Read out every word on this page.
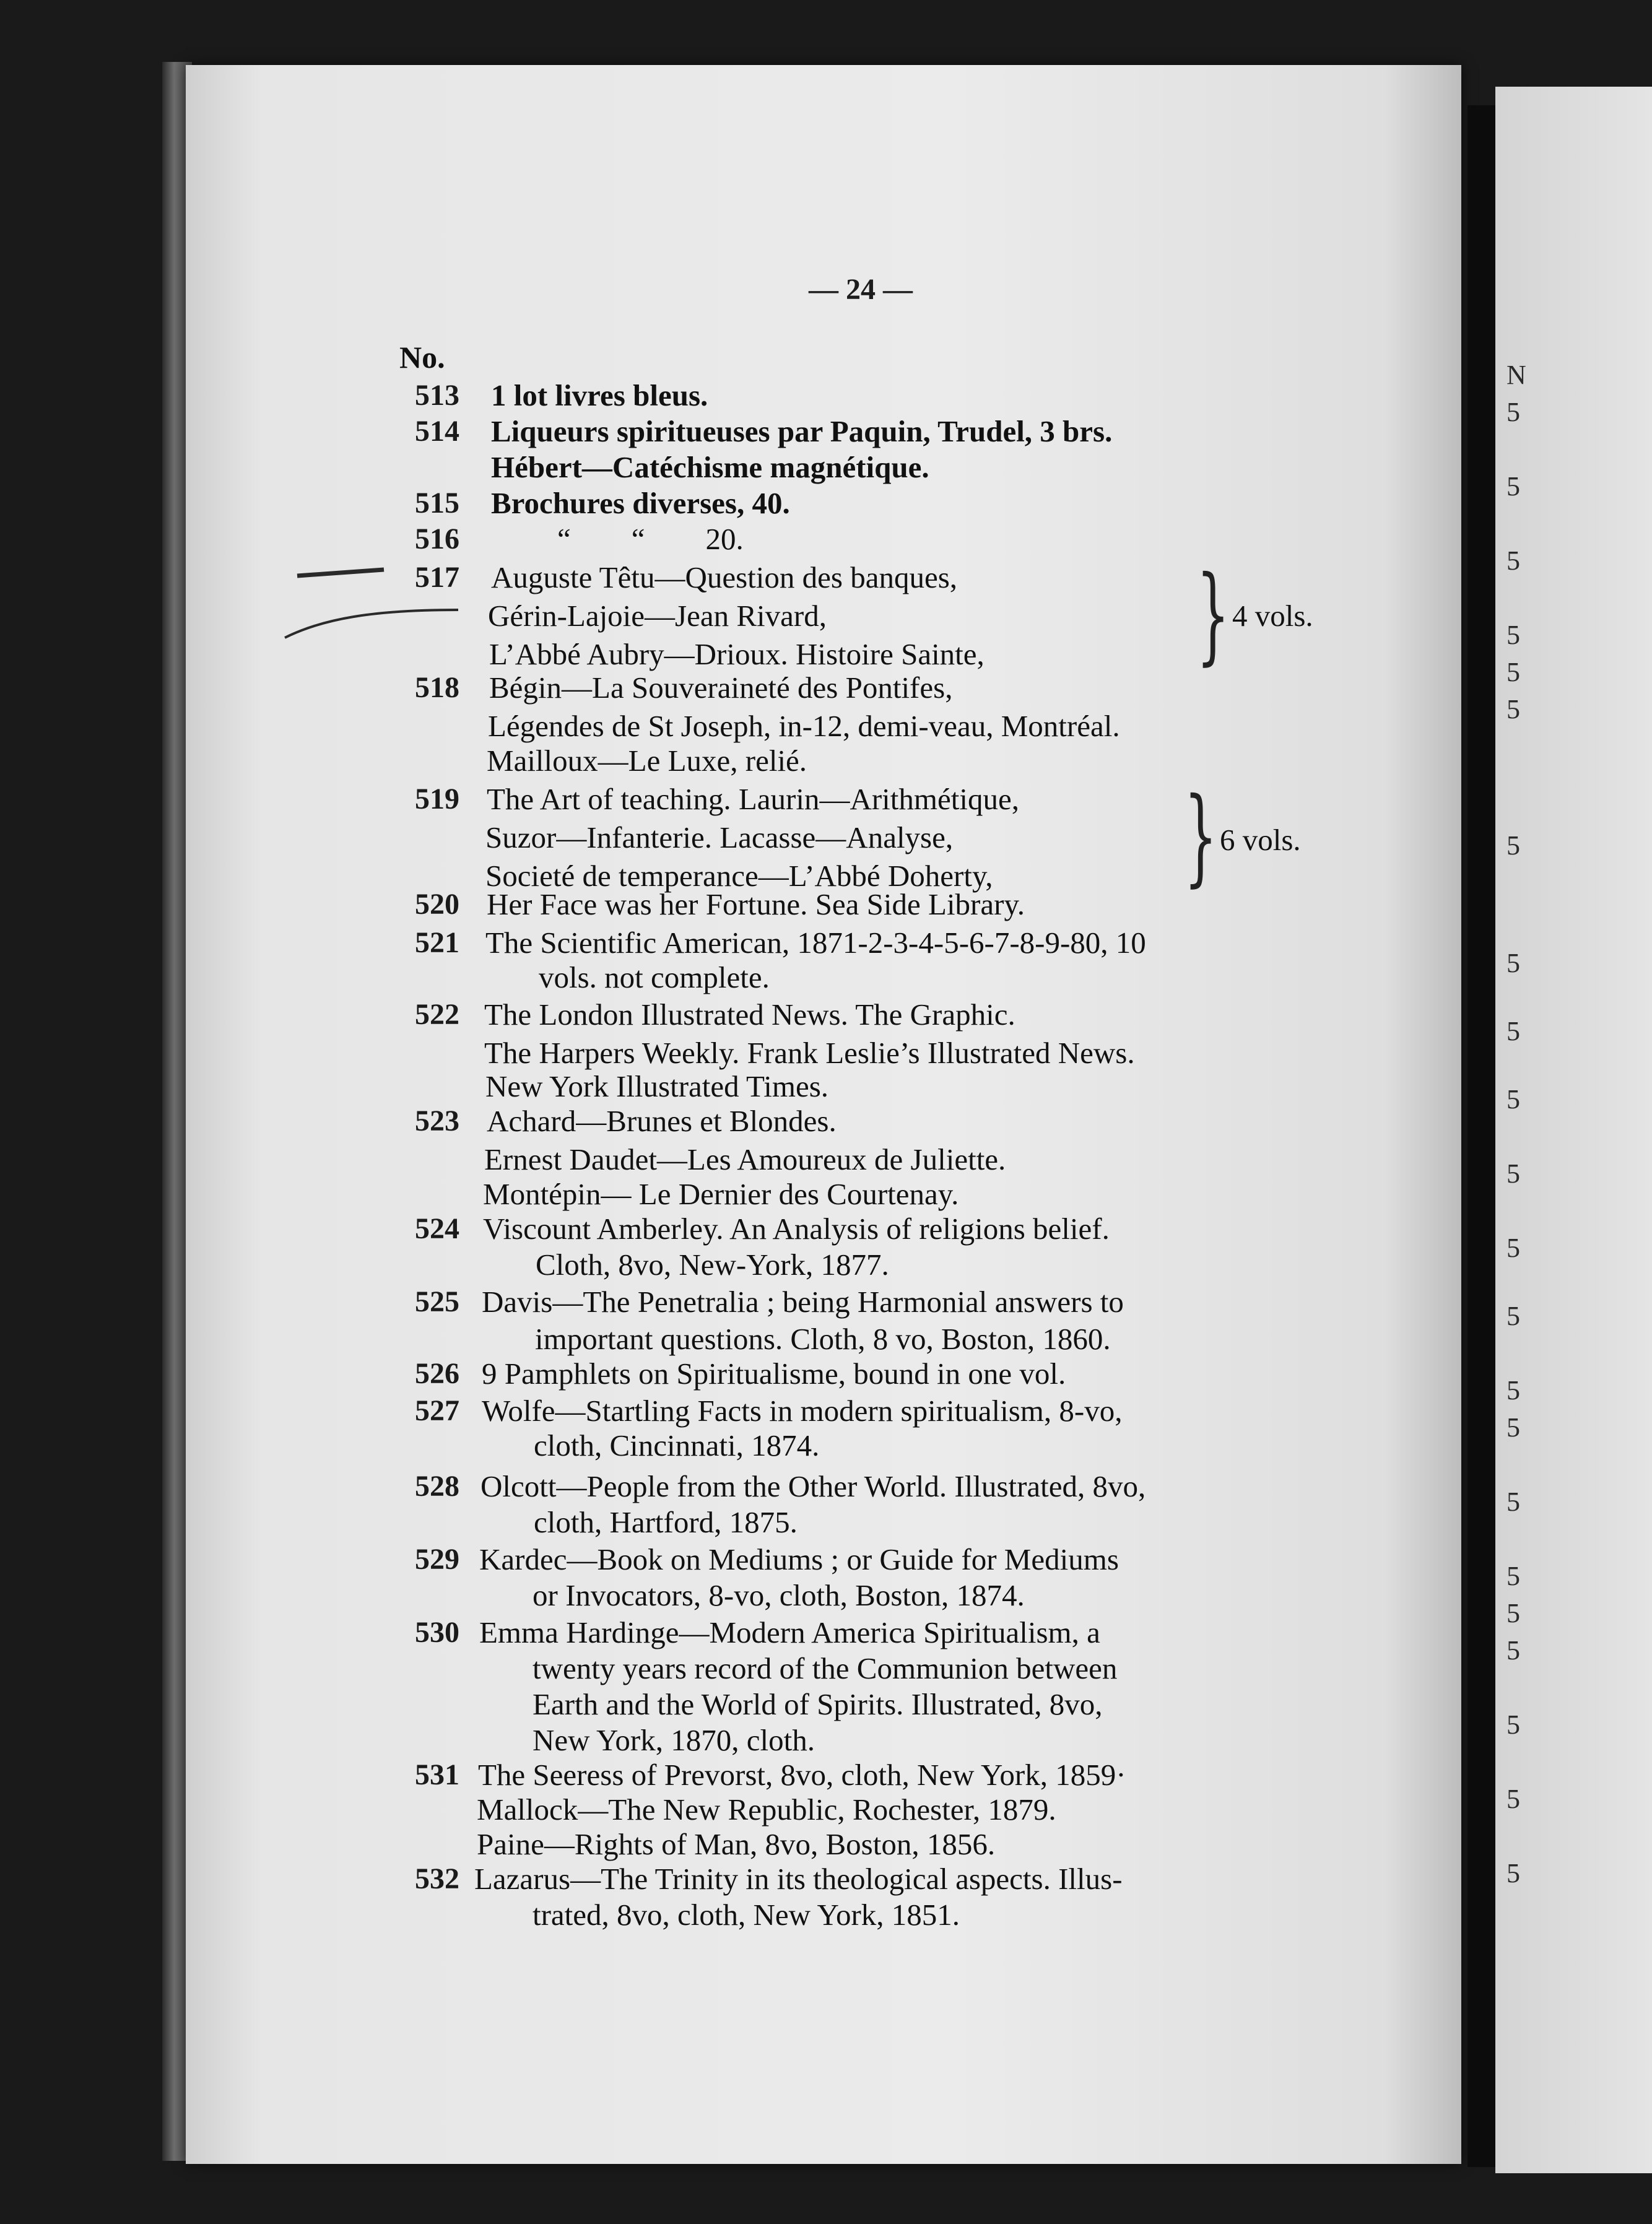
N
5
5
5
5
5
5
5
5
5
5
5
5
5
5
5
5
5
5
5
5
5
5
— 24 —
No.
513 1 lot livres bleus.
514 Liqueurs spiritueuses par Paquin, Trudel, 3 brs.
Hébert—Catéchisme magnétique.
515 Brochures diverses, 40.
516	“        “        20.
517 Auguste Têtu—Question des banques,
Gérin-Lajoie—Jean Rivard,
L’Abbé Aubry—Drioux. Histoire Sainte, } 4 vols.
518 Bégin—La Souveraineté des Pontifes,
Légendes de St Joseph, in-12, demi-veau, Montréal.
Mailloux—Le Luxe, relié.
519 The Art of teaching. Laurin—Arithmétique,
Suzor—Infanterie. Lacasse—Analyse,
Societé de temperance—L’Abbé Doherty, } 6 vols.
520 Her Face was her Fortune. Sea Side Library.
521 The Scientific American, 1871-2-3-4-5-6-7-8-9-80, 10
vols. not complete.
522 The London Illustrated News. The Graphic.
The Harpers Weekly. Frank Leslie’s Illustrated News.
New York Illustrated Times.
523 Achard—Brunes et Blondes.
Ernest Daudet—Les Amoureux de Juliette.
Montépin— Le Dernier des Courtenay.
524 Viscount Amberley. An Analysis of religions belief.
Cloth, 8vo, New-York, 1877.
525 Davis—The Penetralia ; being Harmonial answers to
important questions. Cloth, 8 vo, Boston, 1860.
526 9 Pamphlets on Spiritualisme, bound in one vol.
527 Wolfe—Startling Facts in modern spiritualism, 8-vo,
cloth, Cincinnati, 1874.
528 Olcott—People from the Other World. Illustrated, 8vo,
cloth, Hartford, 1875.
529 Kardec—Book on Mediums ; or Guide for Mediums
or Invocators, 8-vo, cloth, Boston, 1874.
530 Emma Hardinge—Modern America Spiritualism, a
twenty years record of the Communion between
Earth and the World of Spirits. Illustrated, 8vo,
New York, 1870, cloth.
531 The Seeress of Prevorst, 8vo, cloth, New York, 1859·
Mallock—The New Republic, Rochester, 1879.
Paine—Rights of Man, 8vo, Boston, 1856.
532 Lazarus—The Trinity in its theological aspects. Illus-
trated, 8vo, cloth, New York, 1851.
